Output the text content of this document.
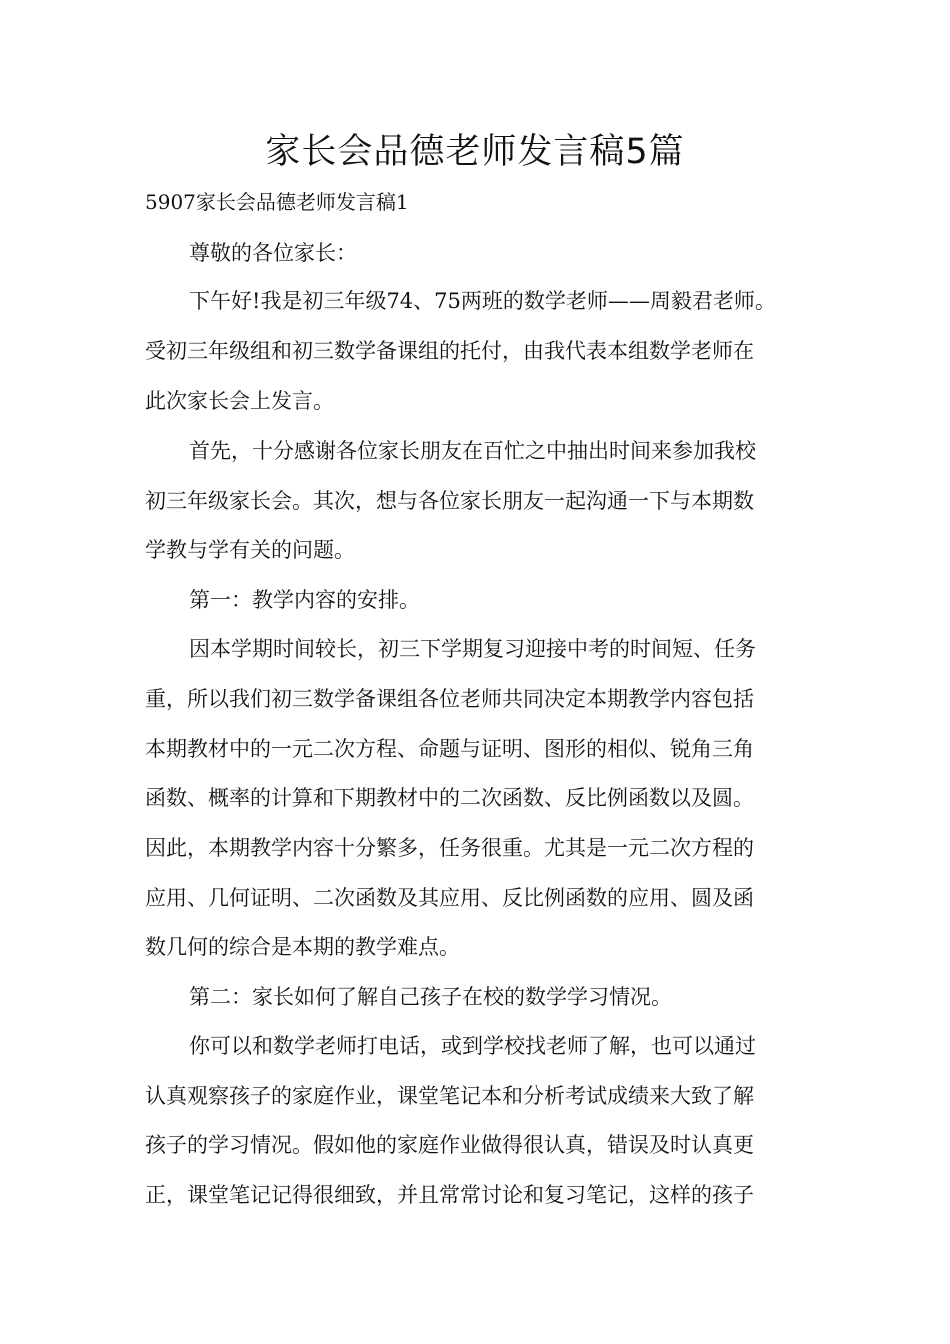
家长会品德老师发言稿5篇
5907家长会品德老师发言稿1
尊敬的各位家长：
下午好!我是初三年级74、75两班的数学老师——周毅君老师。
受初三年级组和初三数学备课组的托付，由我代表本组数学老师在
此次家长会上发言。
首先，十分感谢各位家长朋友在百忙之中抽出时间来参加我校
初三年级家长会。其次，想与各位家长朋友一起沟通一下与本期数
学教与学有关的问题。
第一：教学内容的安排。
因本学期时间较长，初三下学期复习迎接中考的时间短、任务
重，所以我们初三数学备课组各位老师共同决定本期教学内容包括
本期教材中的一元二次方程、命题与证明、图形的相似、锐角三角
函数、概率的计算和下期教材中的二次函数、反比例函数以及圆。
因此，本期教学内容十分繁多，任务很重。尤其是一元二次方程的
应用、几何证明、二次函数及其应用、反比例函数的应用、圆及函
数几何的综合是本期的教学难点。
第二：家长如何了解自己孩子在校的数学学习情况。
你可以和数学老师打电话，或到学校找老师了解，也可以通过
认真观察孩子的家庭作业，课堂笔记本和分析考试成绩来大致了解
孩子的学习情况。假如他的家庭作业做得很认真，错误及时认真更
正，课堂笔记记得很细致，并且常常讨论和复习笔记，这样的孩子
